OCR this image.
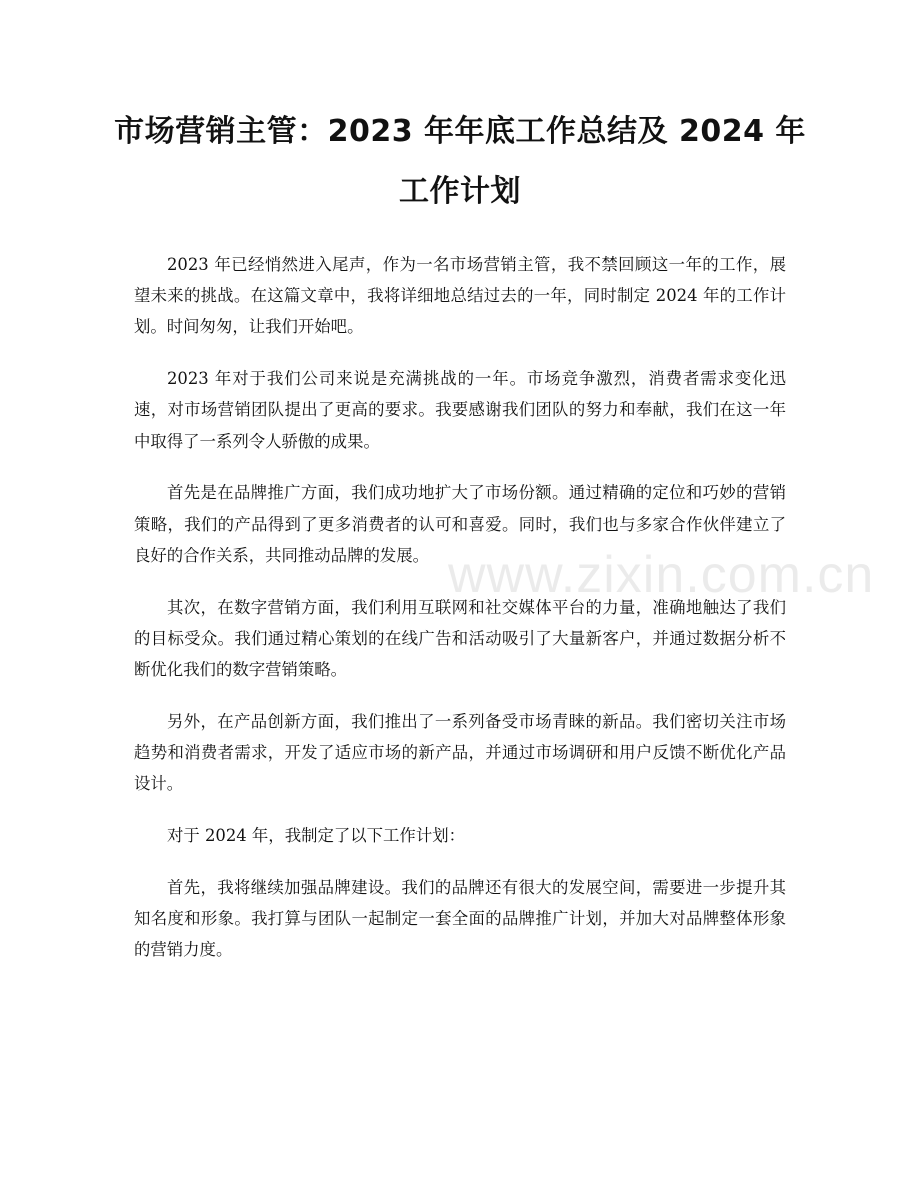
市场营销主管：2023 年年底工作总结及 2024 年工作计划

2023 年已经悄然进入尾声，作为一名市场营销主管，我不禁回顾这一年的工作，展望未来的挑战。在这篇文章中，我将详细地总结过去的一年，同时制定 2024 年的工作计划。时间匆匆，让我们开始吧。

2023 年对于我们公司来说是充满挑战的一年。市场竞争激烈，消费者需求变化迅速，对市场营销团队提出了更高的要求。我要感谢我们团队的努力和奉献，我们在这一年中取得了一系列令人骄傲的成果。

首先是在品牌推广方面，我们成功地扩大了市场份额。通过精确的定位和巧妙的营销策略，我们的产品得到了更多消费者的认可和喜爱。同时，我们也与多家合作伙伴建立了良好的合作关系，共同推动品牌的发展。

其次，在数字营销方面，我们利用互联网和社交媒体平台的力量，准确地触达了我们的目标受众。我们通过精心策划的在线广告和活动吸引了大量新客户，并通过数据分析不断优化我们的数字营销策略。

另外，在产品创新方面，我们推出了一系列备受市场青睐的新品。我们密切关注市场趋势和消费者需求，开发了适应市场的新产品，并通过市场调研和用户反馈不断优化产品设计。

对于 2024 年，我制定了以下工作计划：

首先，我将继续加强品牌建设。我们的品牌还有很大的发展空间，需要进一步提升其知名度和形象。我打算与团队一起制定一套全面的品牌推广计划，并加大对品牌整体形象的营销力度。

www.zixin.com.cn
